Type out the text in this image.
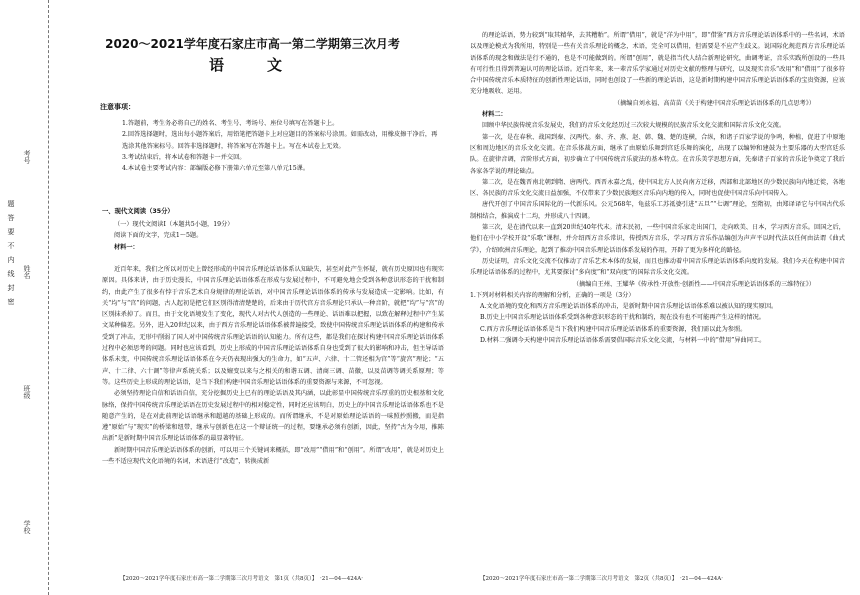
题　答　要　不　内　线　封　密
考号
姓名
班级
学校
2020～2021学年度石家庄市高一第二学期第三次月考
语　文
注意事项：

1.答题前，考生务必将自己的姓名、考生号、考场号、座位号填写在答题卡上。

2.回答选择题时，选出每小题答案后，用铅笔把答题卡上对应题目的答案标号涂黑。如需改动，用橡皮擦干净后，再选涂其他答案标号。回答非选择题时，将答案写在答题卡上。写在本试卷上无效。

3.考试结束后，将本试卷和答题卡一并交回。

4.本试卷主要考试内容：部编版必修下册第六单元至第八单元15课。

一、现代文阅读（35分）

（一）现代文阅读Ⅰ（本题共5小题，19分）

阅读下面的文字，完成1～5题。

材料一：

近百年来，我们之所以对历史上曾经形成的中国音乐理论话语体系认知缺失，甚至对此产生怀疑，就有历史原因也有现实原因。具体来讲，由于历史漫长，中国音乐理论话语体系在形成与发展过程中，不可避免地会受到各种意识形态的干扰和制约，由此产生了很多有悖于音乐艺术自身规律的理论话语，对中国音乐理论话语体系的传承与发展造成一定影响。比如，有关“均”与“宫”的问题，古人起初是把它们区别得清清楚楚的，后来由于历代宫方音乐理论只承认一种音阶，就把“均”与“宫”的区别抹杀掉了。而且，由于文化语境发生了变化，现代人对古代人创造的一些理论、话语难以把握，以致在解释过程中产生某文某种偏差。另外，进入20世纪以来，由于西方音乐理论话语体系被普遍接受，致使中国传统音乐理论话语体系的构建和传承受到了冲击，无形中削弱了国人对中国传统音乐理论话语的认知能力。所有这些，都是我们在探讨构建中国音乐理论话语体系过程中必须思考的问题。同时也应该看到，历史上形成的中国音乐理论话语体系自身也受到了很大的影响和冲击，但主导话语体系未变，中国传统音乐理论话语体系在今天仍表现出强大的生命力，如“五声、六律、十二管还相为宫”等“旋宫”理论；“五声、十二律、六十调”等律声系统关系；以及嬗变以来与之相关的和谐五调、清商三调、苗徽，以及苗调等调关系原理；等等。这些历史上形成的理论话语，是当下我们构建中国音乐理论话语体系的重要资源与来源，不可忽视。

必须坚持理论自信和话语自信，充分挖掘历史上已有的理论话语及其内涵，以此彰显中国传统音乐厚重的历史根基和文化脉络，保持中国传统音乐理论话语在历史发展过程中的相对稳定性，同时还应该明白，历史上的中国音乐理论话语体系也不是随意产生的，是在对此前理论话语继承和超越的基础上形成的。而所谓继承，不是对原始理论话语的一味照抄照搬，而是指遵“原始”与“现实”的桥梁和纽带，继承与创新也在这一个辩证统一的过程，要继承必须有创新，因此，坚持“古为今用，推陈出新”是新时期中国音乐理论话语体系的最显著特征。

新时期中国音乐理论话语体系的创新，可以用三个关键词来概括，即“改用”“借用”和“创用”。所谓“改用”，就是对历史上一些不适应现代文化语境的名词，术语进行“改造”，转换成新

【2020～2021学年度石家庄市高一第二学期第三次月考语文　第1页（共8页）】　·21—04—424A·

的理论话语，势力较到“取其精华，去其糟粕”。所谓“借用”，就是“洋为中用”，即“借鉴”西方音乐理论话语体系中的一些名词，术语以及理论模式为我所用，特别是一些有关音乐理论的概念，术语，完全可以借用，但需要是不应产生歧义。说国际化规范西方音乐理论话语体系的现念和做法是行不通的，也是不可能做到的。所谓“创用”，就是指当代人结合新理论研究，曲调考证，音乐实践所创设的一些具有可行性且得到普遍认可的理论话语。近百年来，来一辈音乐学家通过对历史文献的整理与研究，以及现实音乐“改用”和“借用”了很多符合中国传统音乐本质特征的创新性理论话语，同时也创设了一些新的理论话语，这是新时期构建中国音乐理论话语体系的宝贵资源，应该充分地吸收、运用。

（摘编自刘永福、高苗苗《关于构建中国音乐理论话语体系的几点思考》）

材料二：

回顾中华民族传统音乐发展史，我们的音乐文化经历过三次较大规模的民族音乐文化交流和国际音乐文化交流。

第一次，是在春秋、战国到秦、汉两代。秦、齐、燕、赵、韩、魏、楚的连横，合纵，和诸子百家学说的争鸣，种植，促进了中原地区和周边地区的音乐文化交流。在音乐体裁方面，继承了由原始乐舞到宫廷乐舞的演化，出现了以编钟和建鼓为主要乐器的大型宫廷乐队。在旋律音调，音阶形式方面，初步确立了中国传统音乐旋法的基本特点。在音乐美学思想方面，先秦诸子百家的音乐论争奠定了我后各家各学说的理论础点。

第二次，是在魏晋南北朝到隋、唐两代。西晋永嘉之乱，使中国北方人民向南方迁移，西部和北部地区的少数民族向内地迁徙，各地区、各民族的音乐文化交流日益加强，不仅带来了少数民族地区音乐向内地的传入，同时也促使中国音乐向中国传入。

唐代开创了中国音乐国际化的一代新乐风。公元568年，龟兹乐工苏祗婆引进“五旦”“七调”理论，至隋初，由郑译译它与中国古代乐制相结合，推演成十二均，并形成八十四调。

第三次，是在清代以来一直到20世纪40年代末。清末民初，一些中国音乐家走出国门，走向欧美、日本，学习西方音乐。回国之后，他们在中小学校开设“乐歌”课程，并介绍西方音乐常识，传授西方音乐，学习西方音乐作品编创为声声平以时代法以任何由法谓《曲式学》，介绍欧洲音乐理论，起到了推动中国音乐理论话语体系发展的作用，开辟了更为多样化的路径。

历史证明，音乐文化交流不仅推动了音乐艺术本体的发展，而且也推动着中国音乐理论话语体系向度的发展。我们今天在构建中国音乐理论话语体系的过程中，尤其要探讨“多向度”和“双向度”的国际音乐文化交流。

（摘编自王州、王耀华《传承性·开放性·创新性——中国音乐理论话语体系的三维特征》）

1.下列对材料相关内容的理解和分析，正确的一项是（3分）

A.文化语境的变化和西方音乐理论话语体系的冲击，是新时期中国音乐理论话语体系难以被认知的现实原因。

B.历史上中国音乐理论话语体系受到各种意识形态的干扰和制约，现在没有也不可能再产生这样的情况。

C.西方音乐理论话语体系是当下我们构建中国音乐理论话语体系的重要资源，我们需以此为参照。

D.材料二强调今天构建中国音乐理论话语体系需要倡国际音乐文化交流，与材料一中的“借用”异曲同工。

【2020～2021学年度石家庄市高一第二学期第三次月考语文　第2页（共8页）】　·21—04—424A·
